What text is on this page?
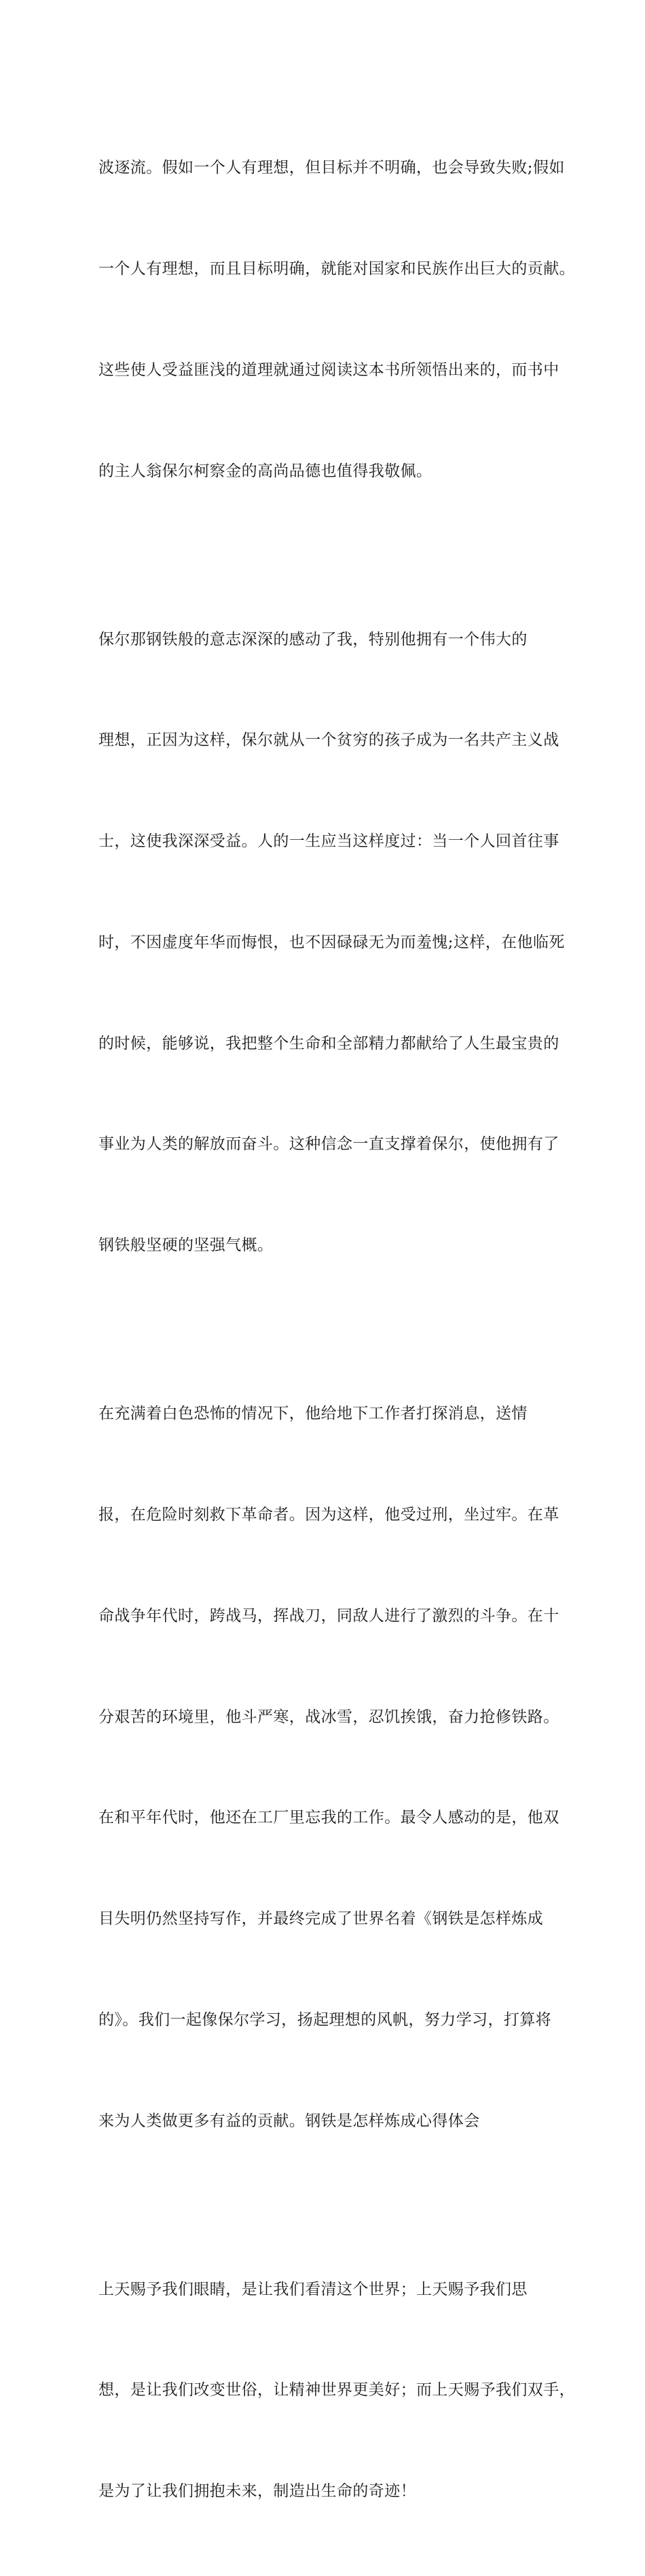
波逐流。假如一个人有理想，但目标并不明确，也会导致失败;假如

一个人有理想，而且目标明确，就能对国家和民族作出巨大的贡献。

这些使人受益匪浅的道理就通过阅读这本书所领悟出来的，而书中

的主人翁保尔柯察金的高尚品德也值得我敬佩。

保尔那钢铁般的意志深深的感动了我，特别他拥有一个伟大的

理想，正因为这样，保尔就从一个贫穷的孩子成为一名共产主义战

士，这使我深深受益。人的一生应当这样度过：当一个人回首往事

时，不因虚度年华而悔恨，也不因碌碌无为而羞愧;这样，在他临死

的时候，能够说，我把整个生命和全部精力都献给了人生最宝贵的

事业为人类的解放而奋斗。这种信念一直支撑着保尔，使他拥有了

钢铁般坚硬的坚强气概。

在充满着白色恐怖的情况下，他给地下工作者打探消息，送情

报，在危险时刻救下革命者。因为这样，他受过刑，坐过牢。在革

命战争年代时，跨战马，挥战刀，同敌人进行了激烈的斗争。在十

分艰苦的环境里，他斗严寒，战冰雪，忍饥挨饿，奋力抢修铁路。

在和平年代时，他还在工厂里忘我的工作。最令人感动的是，他双

目失明仍然坚持写作，并最终完成了世界名着《钢铁是怎样炼成

的》。我们一起像保尔学习，扬起理想的风帆，努力学习，打算将

来为人类做更多有益的贡献。钢铁是怎样炼成心得体会

上天赐予我们眼睛，是让我们看清这个世界；上天赐予我们思

想，是让我们改变世俗，让精神世界更美好；而上天赐予我们双手，

是为了让我们拥抱未来，制造出生命的奇迹！
